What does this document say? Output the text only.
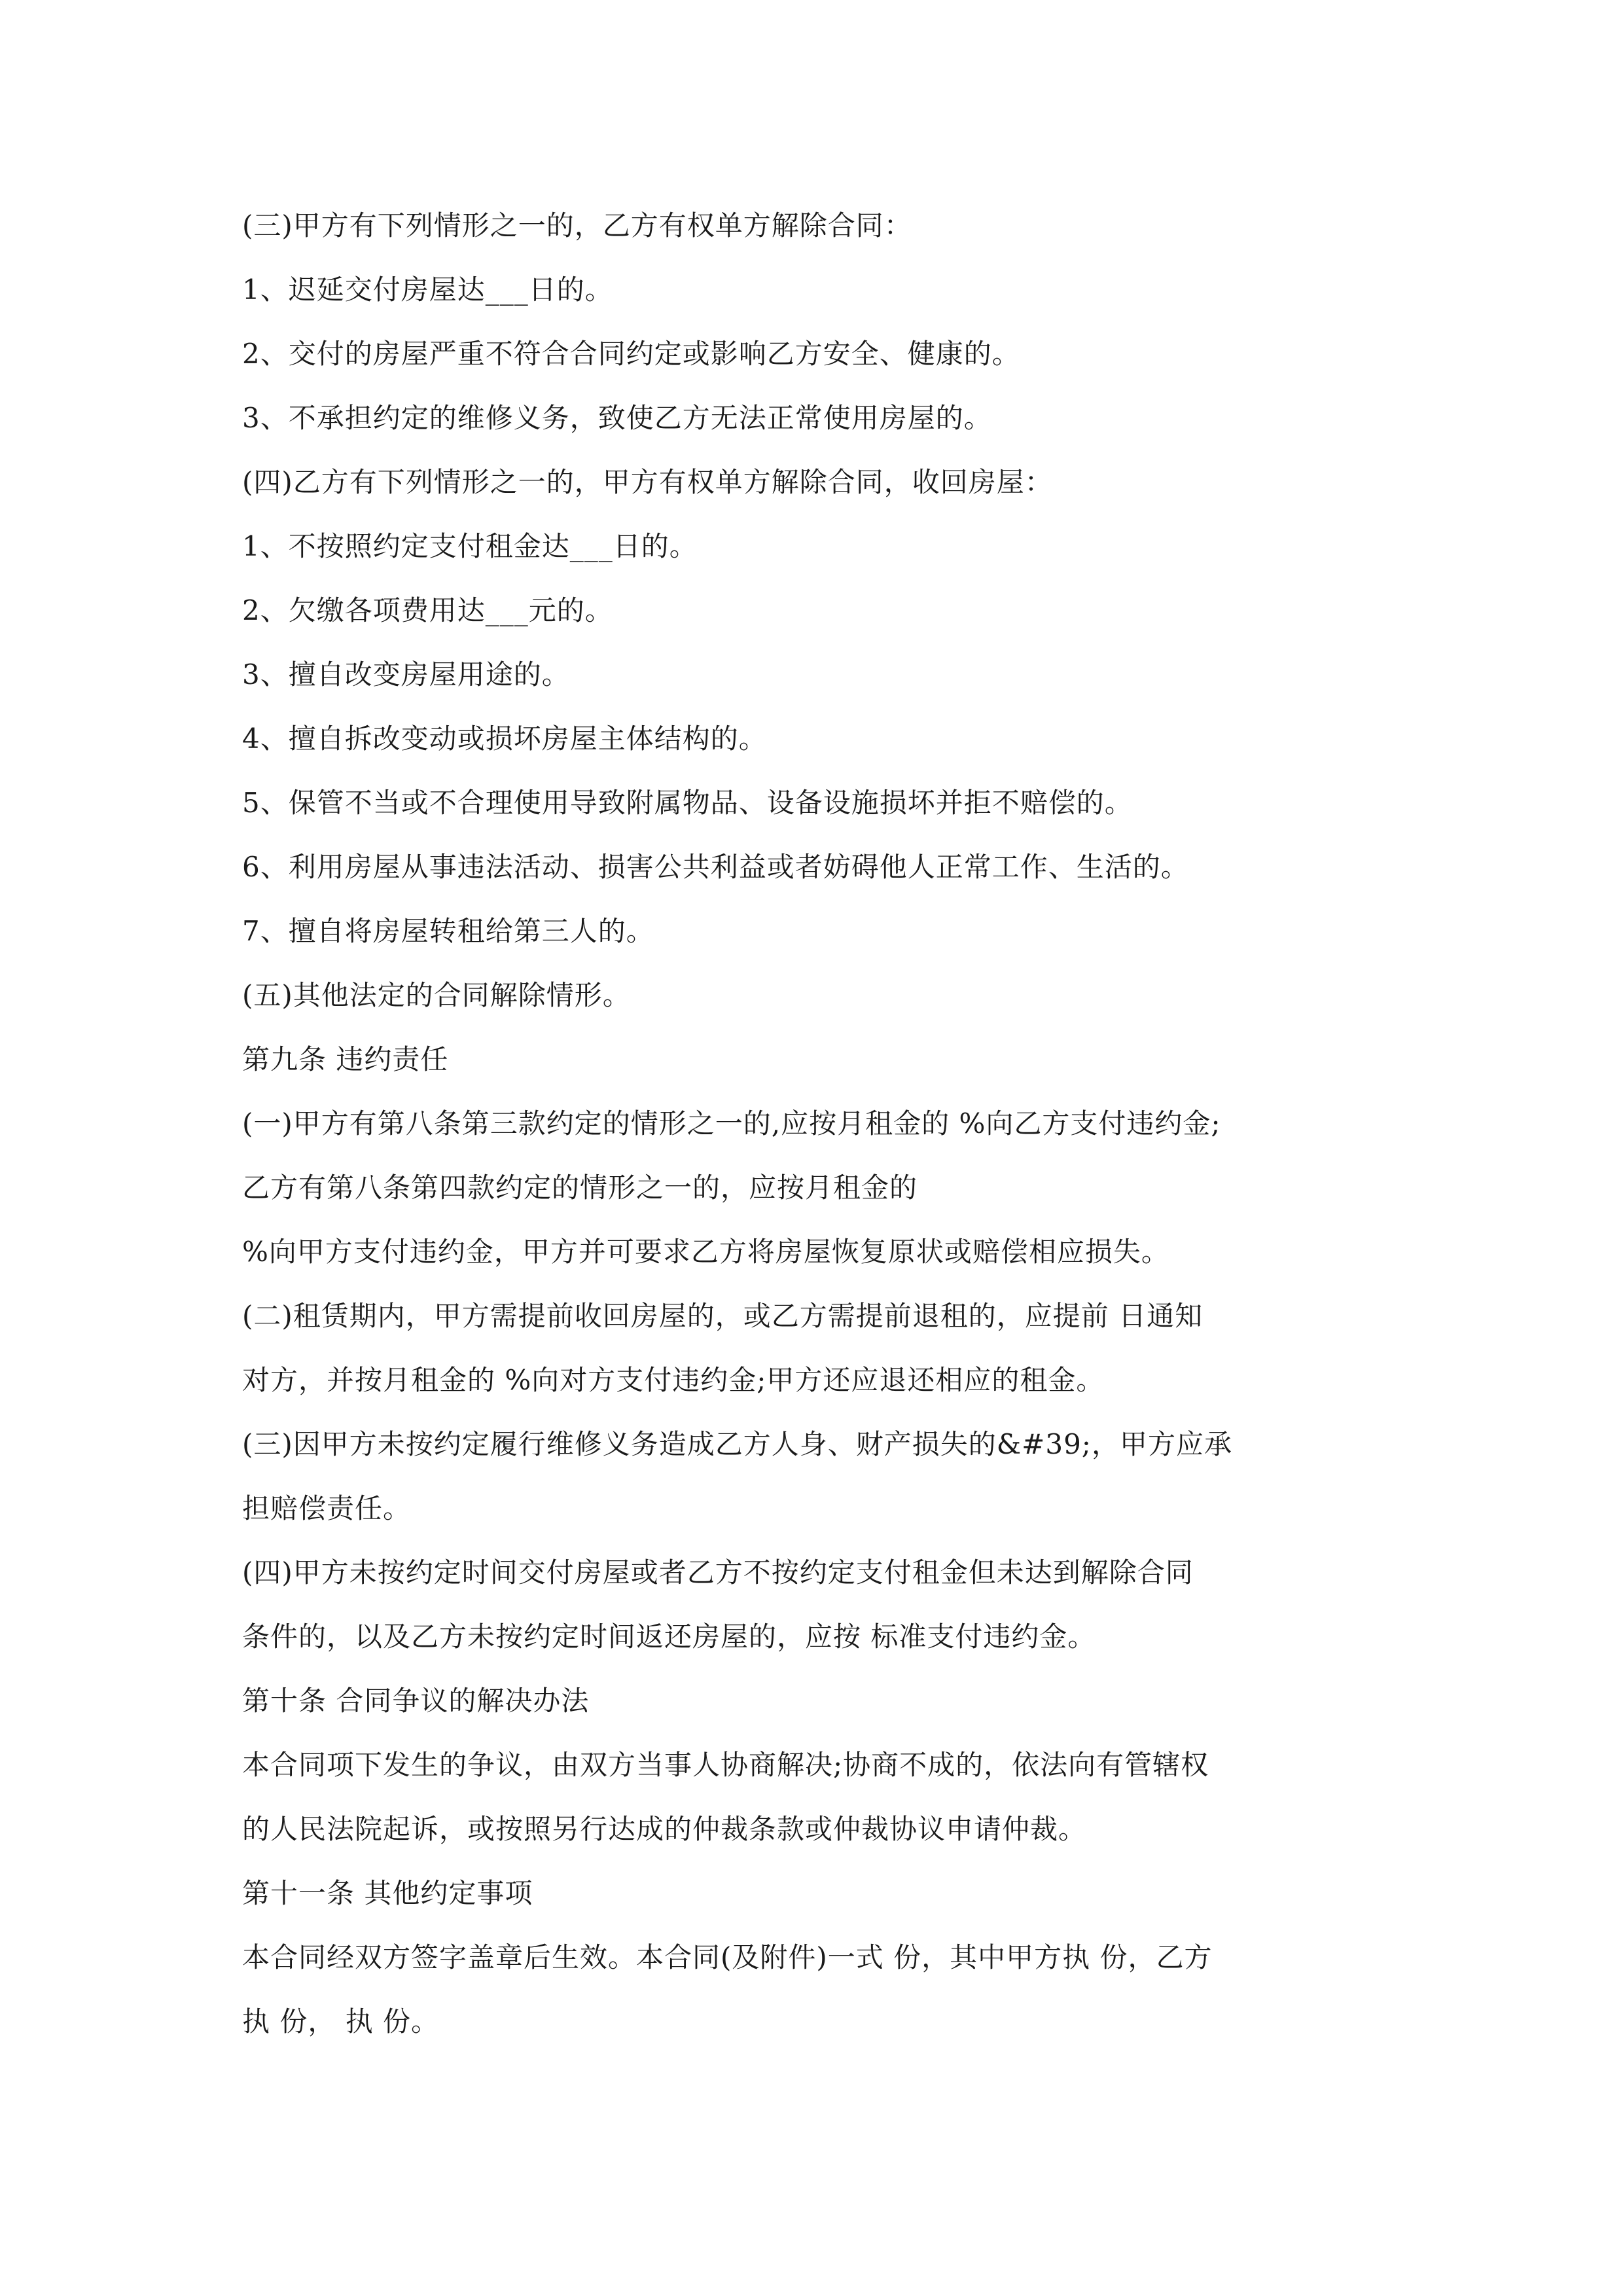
(三)甲方有下列情形之一的，乙方有权单方解除合同：
1、迟延交付房屋达___日的。
2、交付的房屋严重不符合合同约定或影响乙方安全、健康的。
3、不承担约定的维修义务，致使乙方无法正常使用房屋的。
(四)乙方有下列情形之一的，甲方有权单方解除合同，收回房屋：
1、不按照约定支付租金达___日的。
2、欠缴各项费用达___元的。
3、擅自改变房屋用途的。
4、擅自拆改变动或损坏房屋主体结构的。
5、保管不当或不合理使用导致附属物品、设备设施损坏并拒不赔偿的。
6、利用房屋从事违法活动、损害公共利益或者妨碍他人正常工作、生活的。
7、擅自将房屋转租给第三人的。
(五)其他法定的合同解除情形。
第九条 违约责任
(一)甲方有第八条第三款约定的情形之一的,应按月租金的 %向乙方支付违约金;
乙方有第八条第四款约定的情形之一的，应按月租金的
%向甲方支付违约金，甲方并可要求乙方将房屋恢复原状或赔偿相应损失。
(二)租赁期内，甲方需提前收回房屋的，或乙方需提前退租的，应提前 日通知
对方，并按月租金的 %向对方支付违约金;甲方还应退还相应的租金。
(三)因甲方未按约定履行维修义务造成乙方人身、财产损失的&#39;，甲方应承
担赔偿责任。
(四)甲方未按约定时间交付房屋或者乙方不按约定支付租金但未达到解除合同
条件的，以及乙方未按约定时间返还房屋的，应按 标准支付违约金。
第十条 合同争议的解决办法
本合同项下发生的争议，由双方当事人协商解决;协商不成的，依法向有管辖权
的人民法院起诉，或按照另行达成的仲裁条款或仲裁协议申请仲裁。
第十一条 其他约定事项
本合同经双方签字盖章后生效。本合同(及附件)一式 份，其中甲方执 份，乙方
执 份， 执 份。
